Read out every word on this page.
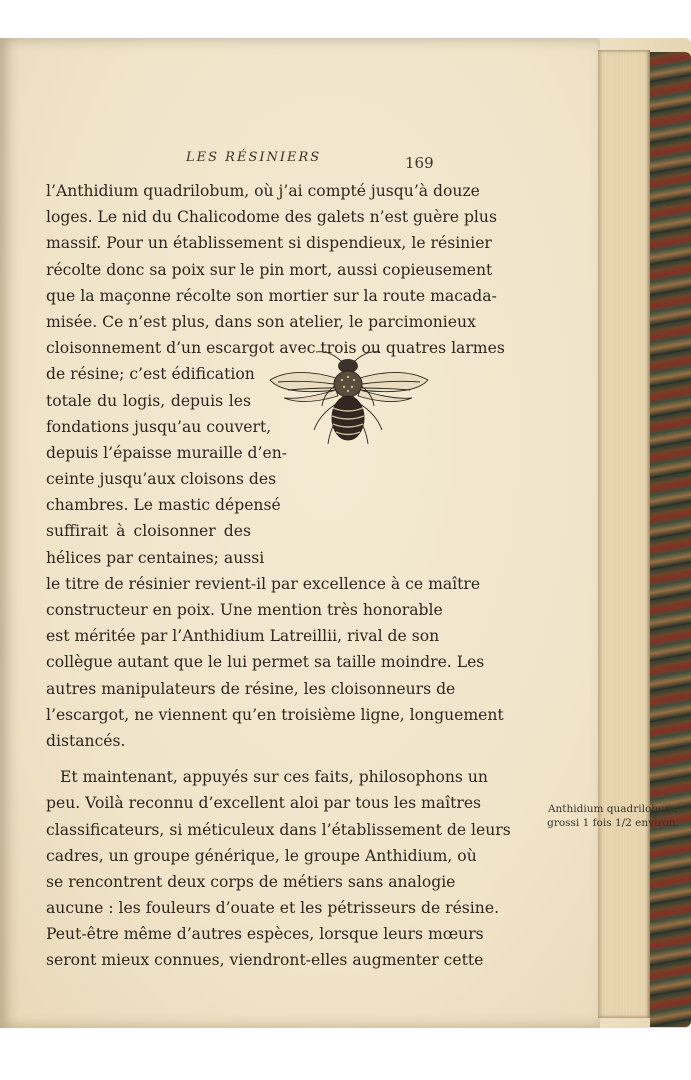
LES RÉSINIERS	169

l’Anthidium quadrilobum, où j’ai compté jusqu’à douze
loges. Le nid du Chalicodome des galets n’est guère plus
massif. Pour un établissement si dispendieux, le résinier
récolte donc sa poix sur le pin mort, aussi copieusement
que la maçonne récolte son mortier sur la route macada-
misée. Ce n’est plus, dans son atelier, le parcimonieux
cloisonnement d’un escargot avec trois ou quatres larmes
de résine; c’est édification
totale du logis, depuis les
fondations jusqu’au couvert,
depuis l’épaisse muraille d’en-
ceinte jusqu’aux cloisons des
chambres. Le mastic dépensé
suffirait à cloisonner des
hélices par centaines; aussi
le titre de résinier revient-il par excellence à ce maître
constructeur en poix. Une mention très honorable
est méritée par l’Anthidium Latreillii, rival de son
collègue autant que le lui permet sa taille moindre. Les
autres manipulateurs de résine, les cloisonneurs de
l’escargot, ne viennent qu’en troisième ligne, longuement
distancés.
Et maintenant, appuyés sur ces faits, philosophons un
peu. Voilà reconnu d’excellent aloi par tous les maîtres
classificateurs, si méticuleux dans l’établissement de leurs
cadres, un groupe générique, le groupe Anthidium, où
se rencontrent deux corps de métiers sans analogie
aucune : les fouleurs d’ouate et les pétrisseurs de résine.
Peut-être même d’autres espèces, lorsque leurs mœurs
seront mieux connues, viendront-elles augmenter cette
Anthidium quadrilobum,
grossi 1 fois 1/2 environ.
